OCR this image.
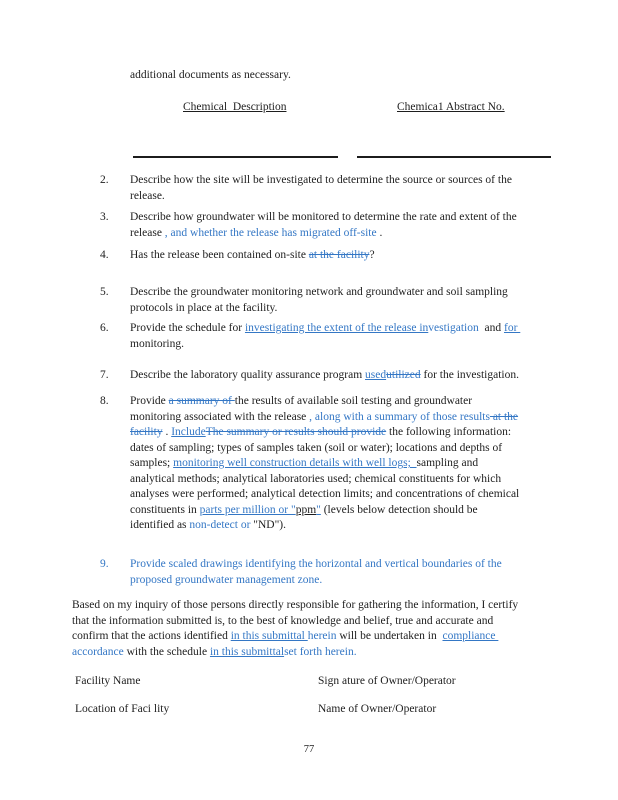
additional documents as necessary.
Chemical  Description	Chemica1 Abstract No.
2.	Describe how the site will be investigated to determine the source or sources of the
release.
3.	Describe how groundwater will be monitored to determine the rate and extent of the
release , and whether the release has migrated off-site .
4.	Has the release been contained on-site at the facility?
5.	Describe the groundwater monitoring network and groundwater and soil sampling
protocols in place at the facility.
6.	Provide the schedule for investigating the extent of the release investigation  and for
monitoring.
7.	Describe the laboratory quality assurance program usedutilized for the investigation.
8.	Provide a summary of the results of available soil testing and groundwater
monitoring associated with the release , along with a summary of those results at the
facility . IncludeThe summary or results should provide the following information:
dates of sampling; types of samples taken (soil or water); locations and depths of
samples; monitoring well construction details with well logs;  sampling and
analytical methods; analytical laboratories used; chemical constituents for which
analyses were performed; analytical detection limits; and concentrations of chemical
constituents in parts per million or "ppm" (levels below detection should be
identified as non-detect or "ND").
9.	Provide scaled drawings identifying the horizontal and vertical boundaries of the
proposed groundwater management zone.
Based on my inquiry of those persons directly responsible for gathering the information, I certify
that the information submitted is, to the best of knowledge and belief, true and accurate and
confirm that the actions identified in this submittal herein will be undertaken in  compliance
accordance with the schedule in this submittalset forth herein.
Facility Name	Sign ature of Owner/Operator
Location of Faci lity	Name of Owner/Operator
77
